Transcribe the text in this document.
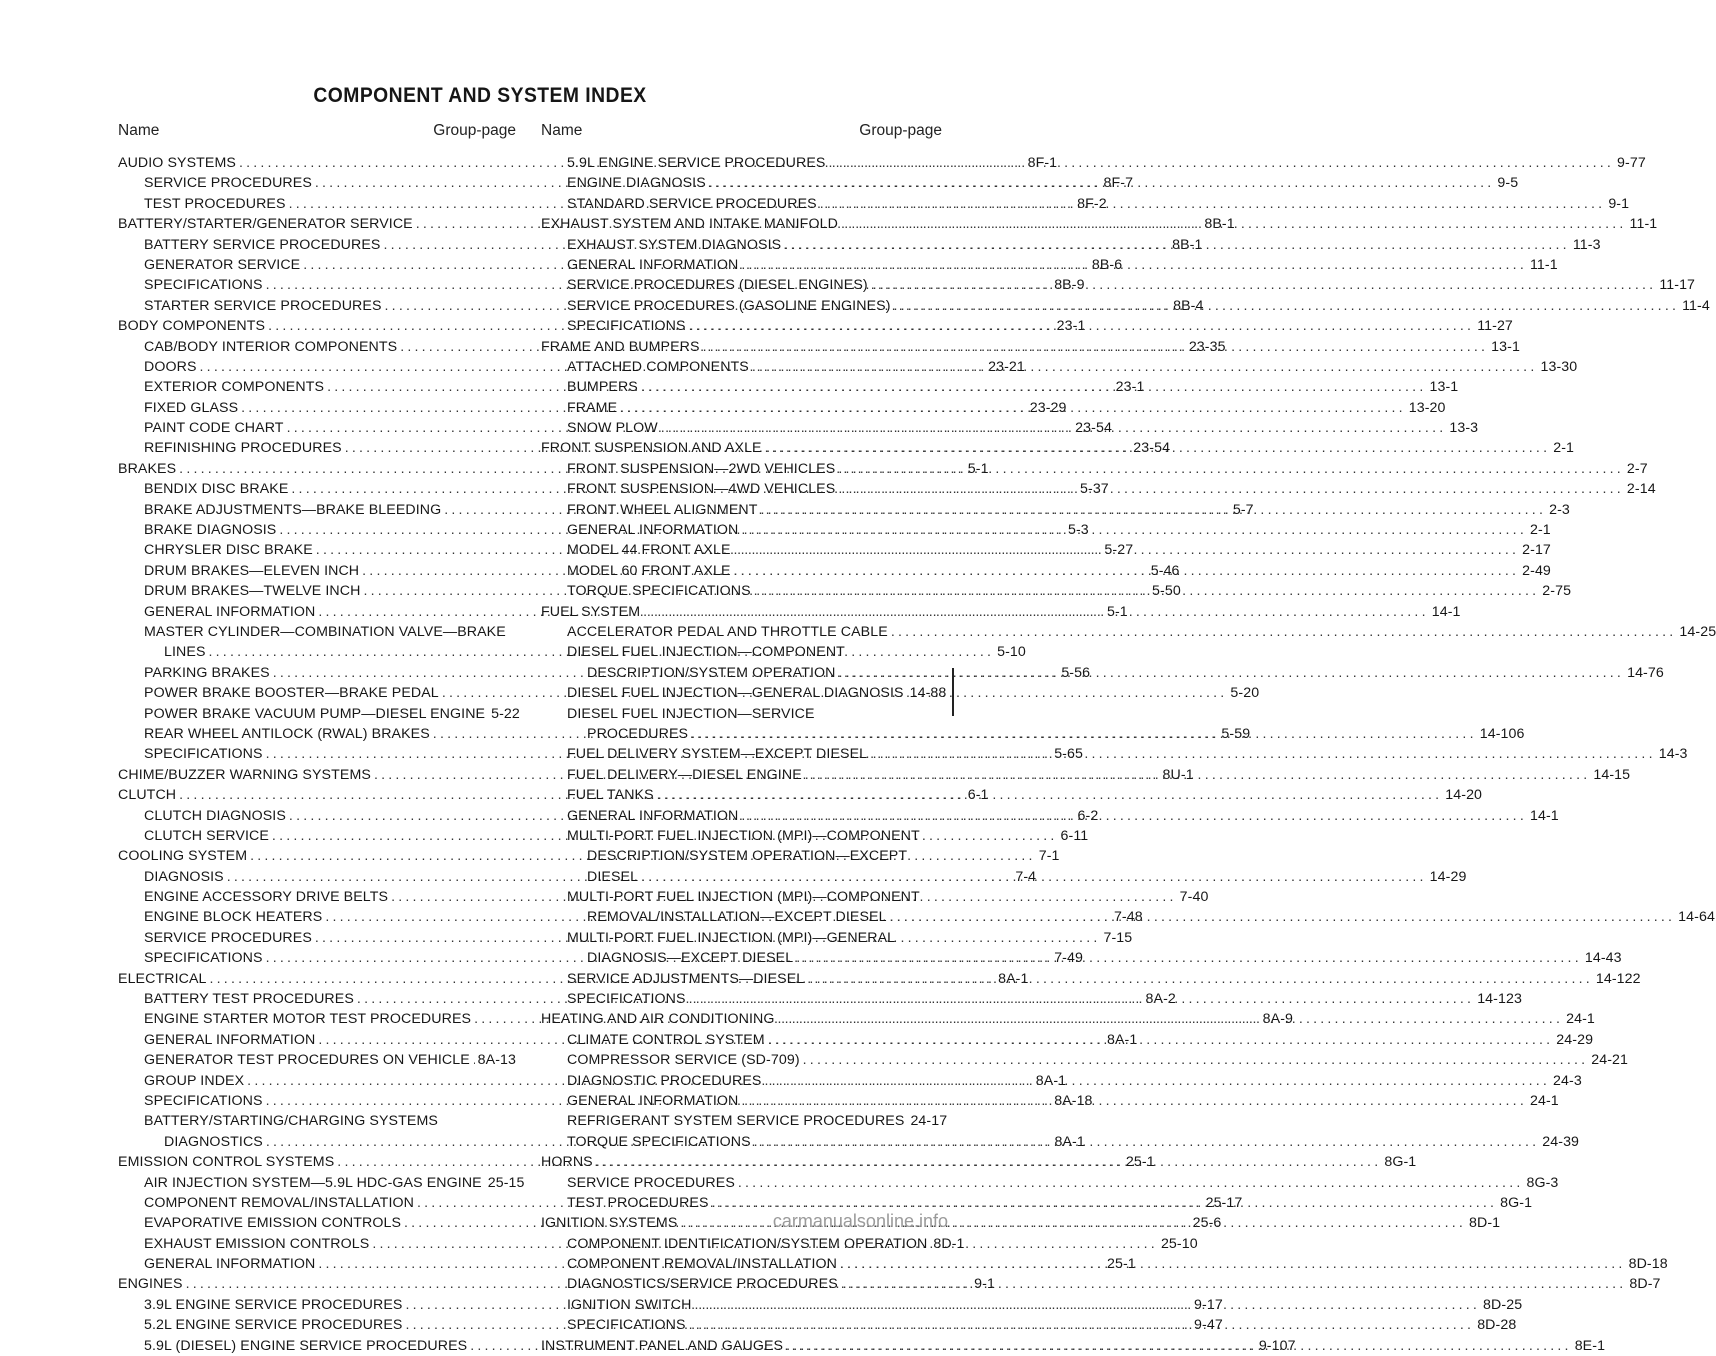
COMPONENT AND SYSTEM INDEX
Name	Group-page
AUDIO SYSTEMS .....	8F-1
SERVICE PROCEDURES .....	8F-7
TEST PROCEDURES .....	8F-2
BATTERY/STARTER/GENERATOR SERVICE .....	8B-1
BATTERY SERVICE PROCEDURES .....	8B-1
GENERATOR SERVICE .....	8B-6
SPECIFICATIONS .....	8B-9
STARTER SERVICE PROCEDURES .....	8B-4
BODY COMPONENTS .....	23-1
CAB/BODY INTERIOR COMPONENTS .....	23-35
DOORS .....	23-21
EXTERIOR COMPONENTS .....	23-1
FIXED GLASS .....	23-29
PAINT CODE CHART .....	23-54
REFINISHING PROCEDURES .....	23-54
BRAKES .....	5-1
BENDIX DISC BRAKE .....	5-37
BRAKE ADJUSTMENTS—BRAKE BLEEDING .....	5-7
BRAKE DIAGNOSIS .....	5-3
CHRYSLER DISC BRAKE .....	5-27
DRUM BRAKES—ELEVEN INCH .....	5-46
DRUM BRAKES—TWELVE INCH .....	5-50
GENERAL INFORMATION .....	5-1
MASTER CYLINDER—COMBINATION VALVE—BRAKE
LINES .....	5-10
PARKING BRAKES .....	5-56
POWER BRAKE BOOSTER—BRAKE PEDAL .....	5-20
POWER BRAKE VACUUM PUMP—DIESEL ENGINE 5-22
REAR WHEEL ANTILOCK (RWAL) BRAKES .....	5-59
SPECIFICATIONS .....	5-65
CHIME/BUZZER WARNING SYSTEMS .....	8U-1
CLUTCH .....	6-1
CLUTCH DIAGNOSIS .....	6-2
CLUTCH SERVICE .....	6-11
COOLING SYSTEM .....	7-1
DIAGNOSIS .....	7-4
ENGINE ACCESSORY DRIVE BELTS .....	7-40
ENGINE BLOCK HEATERS .....	7-48
SERVICE PROCEDURES .....	7-15
SPECIFICATIONS .....	7-49
ELECTRICAL .....	8A-1
BATTERY TEST PROCEDURES .....	8A-2
ENGINE STARTER MOTOR TEST PROCEDURES .....	8A-9
GENERAL INFORMATION .....	8A-1
GENERATOR TEST PROCEDURES ON VEHICLE ..... 8A-13
GROUP INDEX .....	8A-1
SPECIFICATIONS .....	8A-18
BATTERY/STARTING/CHARGING SYSTEMS
DIAGNOSTICS .....	8A-1
EMISSION CONTROL SYSTEMS .....	25-1
AIR INJECTION SYSTEM—5.9L HDC-GAS ENGINE 25-15
COMPONENT REMOVAL/INSTALLATION .....	25-17
EVAPORATIVE EMISSION CONTROLS .....	25-6
EXHAUST EMISSION CONTROLS .....	25-10
GENERAL INFORMATION .....	25-1
ENGINES .....	9-1
3.9L ENGINE SERVICE PROCEDURES .....	9-17
5.2L ENGINE SERVICE PROCEDURES .....	9-47
5.9L (DIESEL) ENGINE SERVICE PROCEDURES .....	9-107
Name	Group-page
5.9L ENGINE SERVICE PROCEDURES .....	9-77
ENGINE DIAGNOSIS .....	9-5
STANDARD SERVICE PROCEDURES .....	9-1
EXHAUST SYSTEM AND INTAKE MANIFOLD .....	11-1
EXHAUST SYSTEM DIAGNOSIS .....	11-3
GENERAL INFORMATION .....	11-1
SERVICE PROCEDURES (DIESEL ENGINES) .....	11-17
SERVICE PROCEDURES (GASOLINE ENGINES) .....	11-4
SPECIFICATIONS .....	11-27
FRAME AND BUMPERS .....	13-1
ATTACHED COMPONENTS .....	13-30
BUMPERS .....	13-1
FRAME .....	13-20
SNOW PLOW .....	13-3
FRONT SUSPENSION AND AXLE .....	2-1
FRONT SUSPENSION—2WD VEHICLES .....	2-7
FRONT SUSPENSION—4WD VEHICLES .....	2-14
FRONT WHEEL ALIGNMENT .....	2-3
GENERAL INFORMATION .....	2-1
MODEL 44 FRONT AXLE .....	2-17
MODEL 60 FRONT AXLE .....	2-49
TORQUE SPECIFICATIONS .....	2-75
FUEL SYSTEM .....	14-1
ACCELERATOR PEDAL AND THROTTLE CABLE .....	14-25
DIESEL FUEL INJECTION—COMPONENT
DESCRIPTION/SYSTEM OPERATION .....	14-76
DIESEL FUEL INJECTION—GENERAL DIAGNOSIS 14-88
DIESEL FUEL INJECTION—SERVICE
PROCEDURES .....	14-106
FUEL DELIVERY SYSTEM—EXCEPT DIESEL .....	14-3
FUEL DELIVERY—DIESEL ENGINE .....	14-15
FUEL TANKS .....	14-20
GENERAL INFORMATION .....	14-1
MULTI-PORT FUEL INJECTION (MPI)—COMPONENT
DESCRIPTION/SYSTEM OPERATION—EXCEPT
DIESEL .....	14-29
MULTI-PORT FUEL INJECTION (MPI)—COMPONENT
REMOVAL/INSTALLATION—EXCEPT DIESEL .....	14-64
MULTI-PORT FUEL INJECTION (MPI)—GENERAL
DIAGNOSIS—EXCEPT DIESEL .....	14-43
SERVICE ADJUSTMENTS—DIESEL .....	14-122
SPECIFICATIONS .....	14-123
HEATING AND AIR CONDITIONING .....	24-1
CLIMATE CONTROL SYSTEM .....	24-29
COMPRESSOR SERVICE (SD-709) .....	24-21
DIAGNOSTIC PROCEDURES .....	24-3
GENERAL INFORMATION .....	24-1
REFRIGERANT SYSTEM SERVICE PROCEDURES 24-17
TORQUE SPECIFICATIONS .....	24-39
HORNS .....	8G-1
SERVICE PROCEDURES .....	8G-3
TEST PROCEDURES .....	8G-1
IGNITION SYSTEMS .....	8D-1
COMPONENT IDENTIFICATION/SYSTEM OPERATION 8D-1
COMPONENT REMOVAL/INSTALLATION .....	8D-18
DIAGNOSTICS/SERVICE PROCEDURES .....	8D-7
IGNITION SWITCH .....	8D-25
SPECIFICATIONS .....	8D-28
INSTRUMENT PANEL AND GAUGES .....	8E-1
carmanualsonline.info
